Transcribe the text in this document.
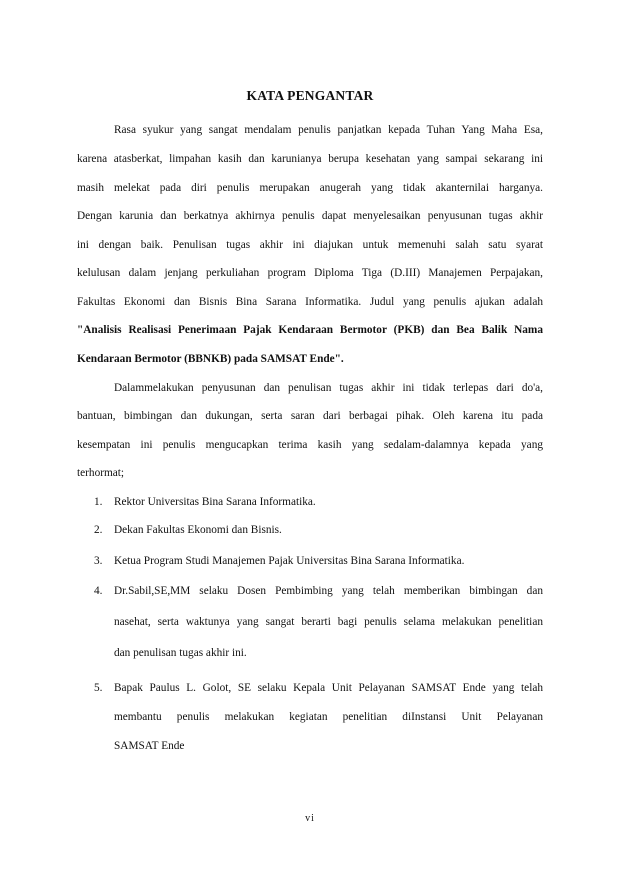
KATA PENGANTAR
Rasa syukur yang sangat mendalam penulis panjatkan kepada Tuhan Yang Maha Esa,
karena atasberkat, limpahan kasih dan karunianya berupa kesehatan yang sampai sekarang ini
masih melekat pada diri penulis merupakan anugerah yang tidak akanternilai harganya.
Dengan karunia dan berkatnya akhirnya penulis dapat menyelesaikan penyusunan tugas akhir
ini dengan baik. Penulisan tugas akhir ini diajukan untuk memenuhi salah satu syarat
kelulusan dalam jenjang perkuliahan program Diploma Tiga (D.III) Manajemen Perpajakan,
Fakultas Ekonomi dan Bisnis Bina Sarana Informatika. Judul yang penulis ajukan adalah
"Analisis Realisasi Penerimaan Pajak Kendaraan Bermotor (PKB) dan Bea Balik Nama
Kendaraan Bermotor (BBNKB) pada SAMSAT Ende".
Dalammelakukan penyusunan dan penulisan tugas akhir ini tidak terlepas dari do'a,
bantuan, bimbingan dan dukungan, serta saran dari berbagai pihak. Oleh karena itu pada
kesempatan ini penulis mengucapkan terima kasih yang sedalam-dalamnya kepada yang
terhormat;
1. Rektor Universitas Bina Sarana Informatika.
2. Dekan Fakultas Ekonomi dan Bisnis.
3. Ketua Program Studi Manajemen Pajak Universitas Bina Sarana Informatika.
4. Dr.Sabil,SE,MM selaku Dosen Pembimbing yang telah memberikan bimbingan dan
nasehat, serta waktunya yang sangat berarti bagi penulis selama melakukan penelitian
dan penulisan tugas akhir ini.
5. Bapak Paulus L. Golot, SE selaku Kepala Unit Pelayanan SAMSAT Ende yang telah
membantu penulis melakukan kegiatan penelitian diInstansi Unit Pelayanan
SAMSAT Ende
vi
